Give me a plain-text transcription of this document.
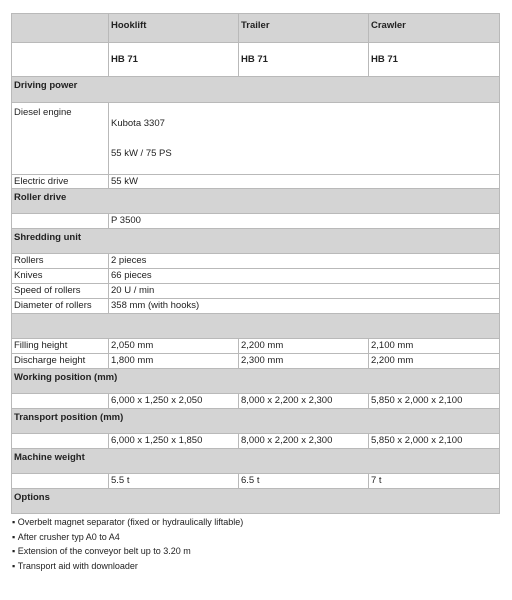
	Hooklift	Trailer	Crawler
	HB 71	HB 71	HB 71
Driving power			
Diesel engine	Kubota 3307
55 kW / 75 PS		

Electric drive	55 kW		
Roller drive			
	P 3500		
Shredding unit			
Rollers	2 pieces		
Knives	66 pieces		
Speed of rollers	20 U / min		
Diameter of rollers	358 mm (with hooks)		

Filling height	2,050 mm	2,200 mm	2,100 mm
Discharge height	1,800 mm	2,300 mm	2,200 mm
Working position (mm)			
	6,000 x 1,250 x 2,050	8,000 x 2,200 x 2,300	5,850 x 2,000 x 2,100
Transport position (mm)			
	6,000 x 1,250 x 1,850	8,000 x 2,200 x 2,300	5,850 x 2,000 x 2,100
Machine weight			
	5.5 t	6.5 t	7 t
Options			
▪ Overbelt magnet separator (fixed or hydraulically liftable)
▪ After crusher typ A0 to A4
▪ Extension of the conveyor belt up to 3.20 m
▪ Transport aid with downloader
